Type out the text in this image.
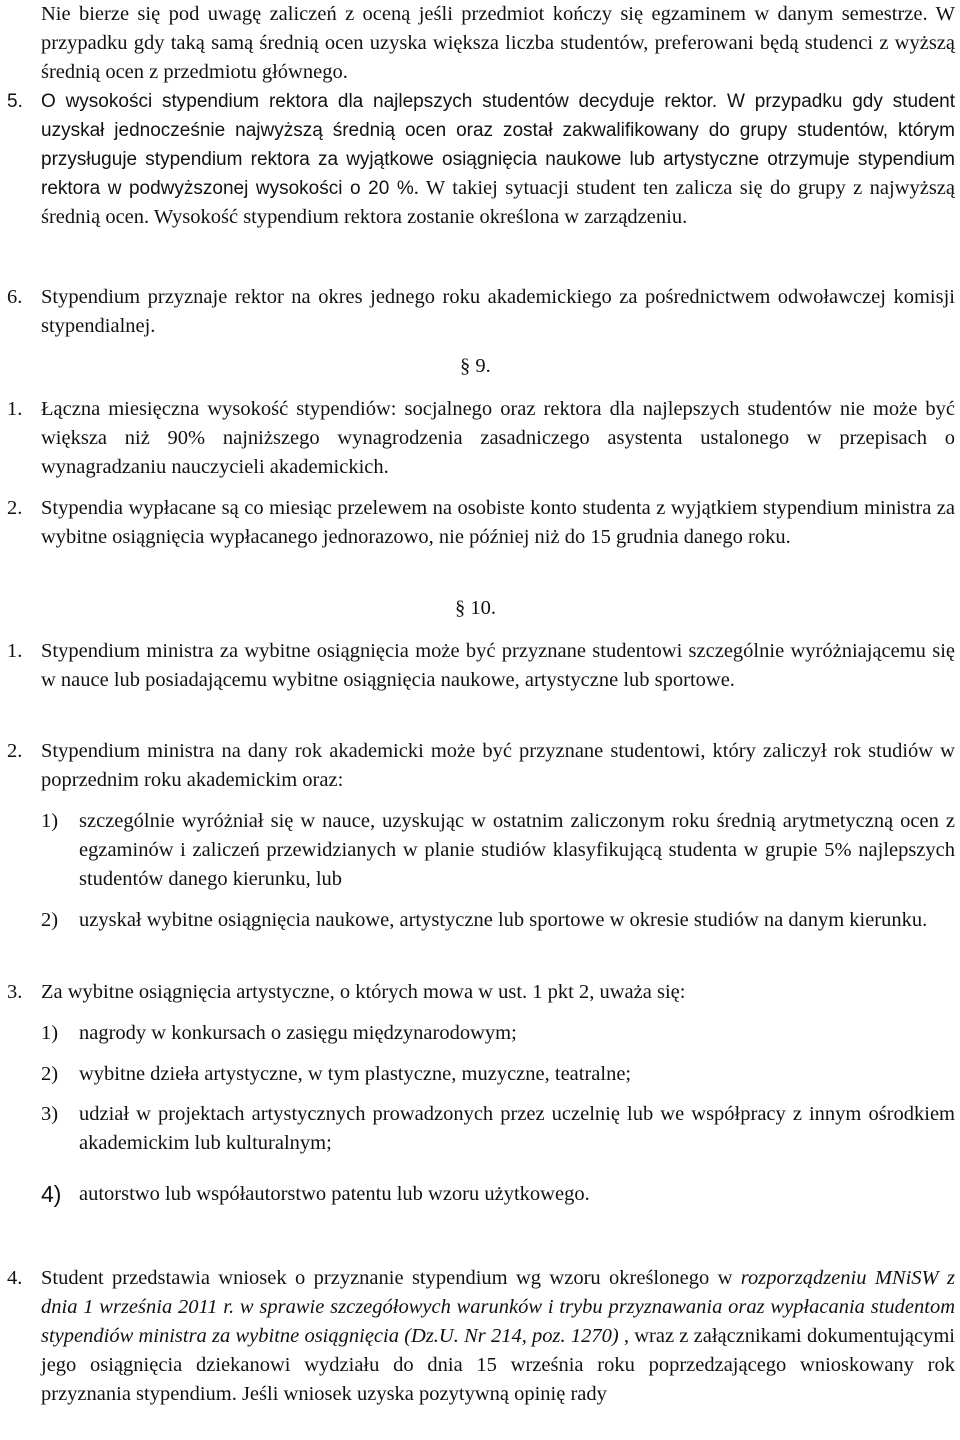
Nie bierze się pod uwagę zaliczeń z oceną jeśli przedmiot kończy się egzaminem w danym semestrze. W przypadku gdy taką samą średnią ocen uzyska większa liczba studentów, preferowani będą studenci z wyższą średnią ocen z przedmiotu głównego.
5. O wysokości stypendium rektora dla najlepszych studentów decyduje rektor. W przypadku gdy student uzyskał jednocześnie najwyższą średnią ocen oraz został zakwalifikowany do grupy studentów, którym przysługuje stypendium rektora za wyjątkowe osiągnięcia naukowe lub artystyczne otrzymuje stypendium rektora w podwyższonej wysokości o 20 %. W takiej sytuacji student ten zalicza się do grupy z najwyższą średnią ocen. Wysokość stypendium rektora zostanie określona w zarządzeniu.
6. Stypendium przyznaje rektor na okres jednego roku akademickiego za pośrednictwem odwoławczej komisji stypendialnej.
§ 9.
1. Łączna miesięczna wysokość stypendiów: socjalnego oraz rektora dla najlepszych studentów nie może być większa niż 90% najniższego wynagrodzenia zasadniczego asystenta ustalonego w przepisach o wynagradzaniu nauczycieli akademickich.
2. Stypendia wypłacane są co miesiąc przelewem na osobiste konto studenta z wyjątkiem stypendium ministra za wybitne osiągnięcia wypłacanego jednorazowo, nie później niż do 15 grudnia danego roku.
§ 10.
1. Stypendium ministra za wybitne osiągnięcia może być przyznane studentowi szczególnie wyróżniającemu się w nauce lub posiadającemu wybitne osiągnięcia naukowe, artystyczne lub sportowe.
2. Stypendium ministra na dany rok akademicki może być przyznane studentowi, który zaliczył rok studiów w poprzednim roku akademickim oraz:
1)	szczególnie wyróżniał się w nauce, uzyskując w ostatnim zaliczonym roku średnią arytmetyczną ocen z egzaminów i zaliczeń przewidzianych w planie studiów klasyfikującą studenta w grupie 5% najlepszych studentów danego kierunku, lub
2)	uzyskał wybitne osiągnięcia naukowe, artystyczne lub sportowe w okresie studiów na danym kierunku.
3. Za wybitne osiągnięcia artystyczne, o których mowa w ust. 1 pkt 2, uważa się:
1)	nagrody w konkursach o zasięgu międzynarodowym;
2)	wybitne dzieła artystyczne, w tym plastyczne, muzyczne, teatralne;
3)	udział w projektach artystycznych prowadzonych przez uczelnię lub we współpracy z innym ośrodkiem akademickim lub kulturalnym;
4) autorstwo lub współautorstwo patentu lub wzoru użytkowego.
4. Student przedstawia wniosek o przyznanie stypendium wg wzoru określonego w rozporządzeniu MNiSW z dnia 1 września 2011 r. w sprawie szczegółowych warunków i trybu przyznawania oraz wypłacania studentom stypendiów ministra za wybitne osiągnięcia (Dz.U. Nr 214, poz. 1270) , wraz z załącznikami dokumentującymi jego osiągnięcia dziekanowi wydziału do dnia 15 września roku poprzedzającego wnioskowany rok przyznania stypendium. Jeśli wniosek uzyska pozytywną opinię rady
